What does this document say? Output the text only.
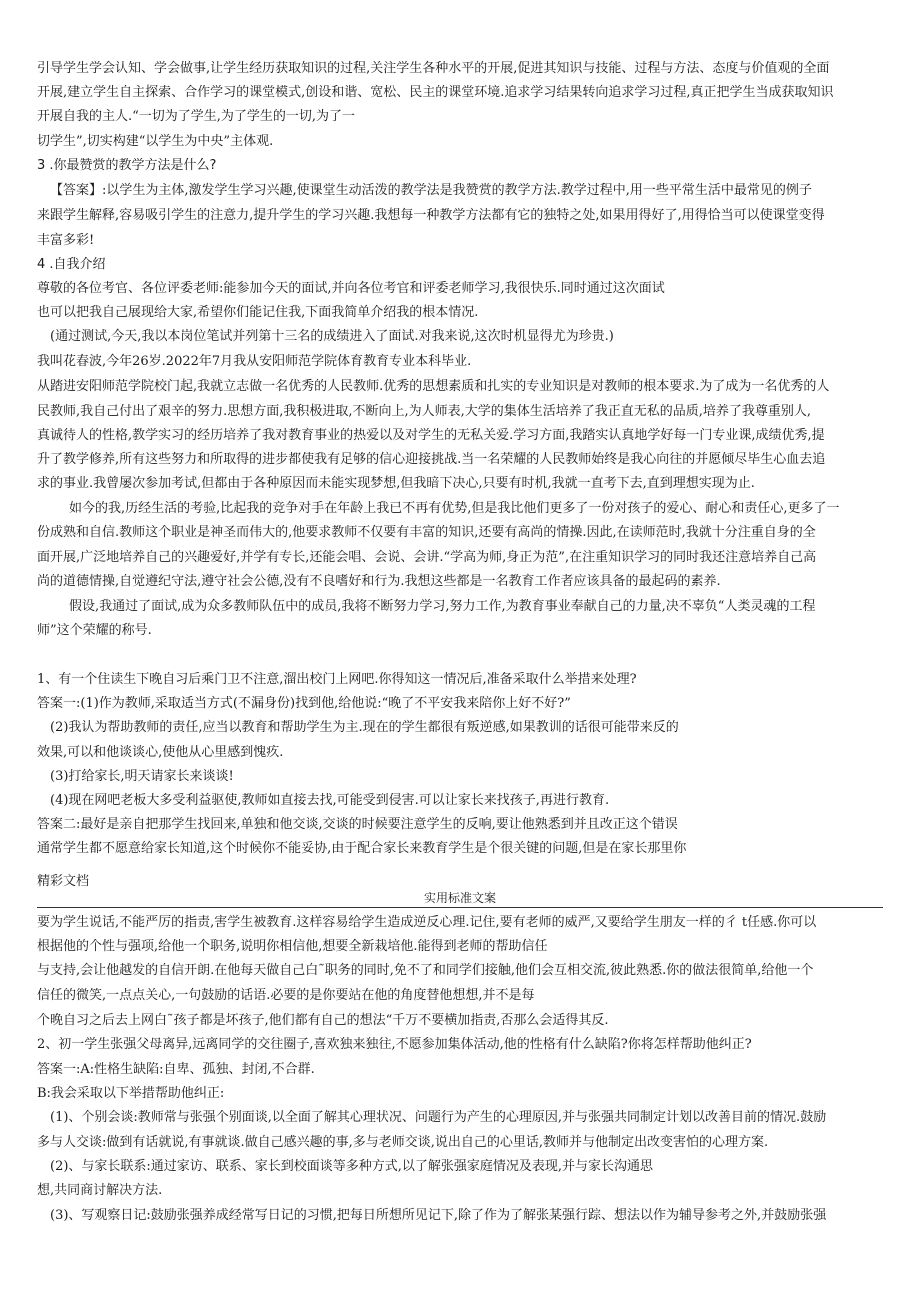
引导学生学会认知、学会做事,让学生经历获取知识的过程,关注学生各种水平的开展,促进其知识与技能、过程与方法、态度与价值观的全面
开展,建立学生自主探索、合作学习的课堂模式,创设和谐、宽松、民主的课堂环境.追求学习结果转向追求学习过程,真正把学生当成获取知识
开展自我的主人.“一切为了学生,为了学生的一切,为了一
切学生”,切实构建“以学生为中央”主体观.
3 .你最赞赏的教学方法是什么?
【答案】:以学生为主体,激发学生学习兴趣,使课堂生动活泼的教学法是我赞赏的教学方法.教学过程中,用一些平常生活中最常见的例子
来跟学生解释,容易吸引学生的注意力,提升学生的学习兴趣.我想每一种教学方法都有它的独特之处,如果用得好了,用得恰当可以使课堂变得
丰富多彩!
4 .自我介绍
尊敬的各位考官、各位评委老师:能参加今天的面试,并向各位考官和评委老师学习,我很快乐.同时通过这次面试
也可以把我自己展现给大家,希望你们能记住我,下面我简单介绍我的根本情况.
(通过测试,今天,我以本岗位笔试并列第十三名的成绩进入了面试.对我来说,这次时机显得尤为珍贵.)
我叫花春波,今年26岁.2022年7月我从安阳师范学院体育教育专业本科毕业.
从踏进安阳师范学院校门起,我就立志做一名优秀的人民教师.优秀的思想素质和扎实的专业知识是对教师的根本要求.为了成为一名优秀的人
民教师,我自己付出了艰辛的努力.思想方面,我积极进取,不断向上,为人师表,大学的集体生活培养了我正直无私的品质,培养了我尊重别人,
真诚待人的性格,教学实习的经历培养了我对教育事业的热爱以及对学生的无私关爱.学习方面,我踏实认真地学好每一门专业课,成绩优秀,提
升了教学修养,所有这些努力和所取得的进步都使我有足够的信心迎接挑战.当一名荣耀的人民教师始终是我心向往的并愿倾尽毕生心血去追
求的事业.我曾屡次参加考试,但都由于各种原因而未能实现梦想,但我暗下决心,只要有时机,我就一直考下去,直到理想实现为止.
如今的我,历经生活的考验,比起我的竞争对手在年龄上我已不再有优势,但是我比他们更多了一份对孩子的爱心、耐心和责任心,更多了一
份成熟和自信.教师这个职业是神圣而伟大的,他要求教师不仅要有丰富的知识,还要有高尚的情操.因此,在读师范时,我就十分注重自身的全
面开展,广泛地培养自己的兴趣爱好,并学有专长,还能会唱、会说、会讲.“学高为师,身正为范”,在注重知识学习的同时我还注意培养自己高
尚的道德情操,自觉遵纪守法,遵守社会公德,没有不良嗜好和行为.我想这些都是一名教育工作者应该具备的最起码的素养.
假设,我通过了面试,成为众多教师队伍中的成员,我将不断努力学习,努力工作,为教育事业奉献自己的力量,决不辜负“人类灵魂的工程
师”这个荣耀的称号.
1、有一个住读生下晚自习后乘门卫不注意,溜出校门上网吧.你得知这一情况后,准备采取什么举措来处理?
答案一:(1)作为教师,采取适当方式(不漏身份)找到他,给他说:“晚了不平安我来陪你上好不好?”
(2)我认为帮助教师的责任,应当以教育和帮助学生为主.现在的学生都很有叛逆感,如果教训的话很可能带来反的
效果,可以和他谈谈心,使他从心里感到愧疚.
(3)打给家长,明天请家长来谈谈!
(4)现在网吧老板大多受利益驱使,教师如直接去找,可能受到侵害.可以让家长来找孩子,再进行教育.
答案二:最好是亲自把那学生找回来,单独和他交谈,交谈的时候要注意学生的反响,要让他熟悉到并且改正这个错误
通常学生都不愿意给家长知道,这个时候你不能妥协,由于配合家长来教育学生是个很关键的问题,但是在家长那里你
精彩文档
实用标准文案
要为学生说话,不能严厉的指责,害学生被教育.这样容易给学生造成逆反心理.记住,要有老师的威严,又要给学生朋友一样的彳 t任感.你可以
根据他的个性与强项,给他一个职务,说明你相信他,想要全新栽培他.能得到老师的帮助信任
与支持,会让他越发的自信开朗.在他每天做自己白˜职务的同时,免不了和同学们接触,他们会互相交流,彼此熟悉.你的做法很简单,给他一个
信任的微笑,一点点关心,一句鼓励的话语.必要的是你要站在他的角度替他想想,并不是每
个晚自习之后去上网白˜孩子都是坏孩子,他们都有自己的想法“千万不要横加指责,否那么会适得其反.
2、初一学生张强父母离异,远离同学的交往圈子,喜欢独来独往,不愿参加集体活动,他的性格有什么缺陷?你将怎样帮助他纠正?
答案一:A:性格生缺陷:自卑、孤独、封闭,不合群.
B:我会采取以下举措帮助他纠正:
(1)、个别会谈:教师常与张强个别面谈,以全面了解其心理状况、问题行为产生的心理原因,并与张强共同制定计划以改善目前的情况.鼓励
多与人交谈:做到有话就说,有事就谈.做自己感兴趣的事,多与老师交谈,说出自己的心里话,教师并与他制定出改变害怕的心理方案.
(2)、与家长联系:通过家访、联系、家长到校面谈等多种方式,以了解张强家庭情况及表现,并与家长沟通思
想,共同商讨解决方法.
(3)、写观察日记:鼓励张强养成经常写日记的习惯,把每日所想所见记下,除了作为了解张某强行踪、想法以作为辅导参考之外,并鼓励张强
